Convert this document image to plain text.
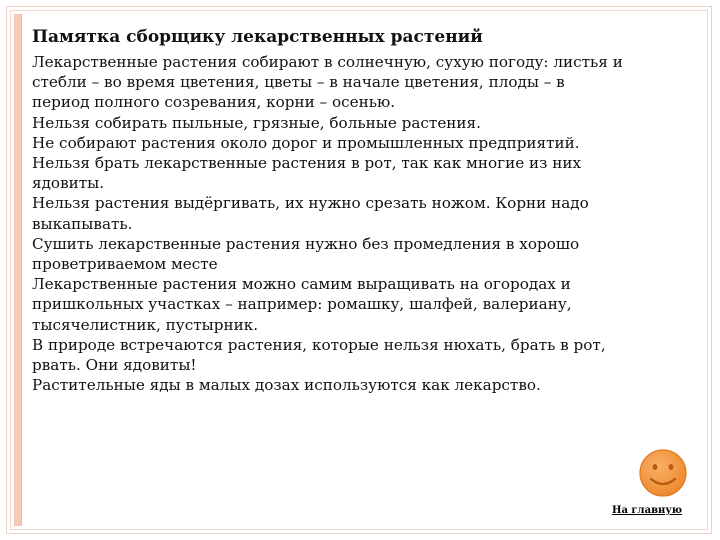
Памятка сборщику лекарственных растений
Лекарственные растения собирают в солнечную, сухую погоду: листья и
стебли – во время цветения, цветы – в начале цветения, плоды – в
период полного созревания, корни – осенью.
Нельзя собирать пыльные, грязные, больные растения.
Не собирают растения около дорог и промышленных предприятий.
Нельзя брать лекарственные растения в рот, так как многие из них
ядовиты.
Нельзя растения выдёргивать, их нужно срезать ножом. Корни надо
выкапывать.
Сушить лекарственные растения нужно без промедления в хорошо
проветриваемом месте
Лекарственные растения можно самим выращивать на огородах и
пришкольных участках – например: ромашку, шалфей, валериану,
тысячелистник, пустырник.
В природе встречаются растения, которые нельзя нюхать, брать в рот,
рвать. Они ядовиты!
Растительные яды в малых дозах используются как лекарство.
На главную
